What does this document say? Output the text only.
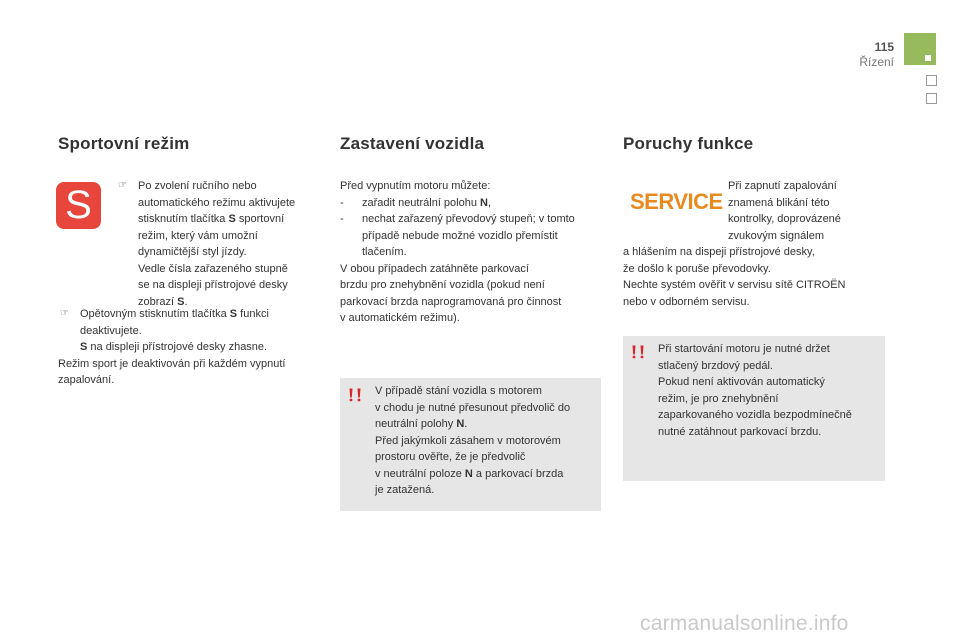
115
Řízení
Sportovní režim
S	☞ Po zvolení ručního nebo

automatického režimu aktivujete

stisknutím tlačítka S sportovní

režim, který vám umožní

dynamičtější styl jízdy.

Vedle čísla zařazeného stupně

se na displeji přístrojové desky

zobrazí S.

☞ Opětovným stisknutím tlačítka S funkci

deaktivujete.

S na displeji přístrojové desky zhasne.

Režim sport je deaktivován při každém vypnutí

zapalování.

Zastavení vozidla

Před vypnutím motoru můžete:

- zařadit neutrální polohu N,

- nechat zařazený převodový stupeň; v tomto

případě nebude možné vozidlo přemístit

tlačením.

V obou případech zatáhněte parkovací

brzdu pro znehybnění vozidla (pokud není

parkovací brzda naprogramovaná pro činnost

v automatickém režimu).

V případě stání vozidla s motorem

v chodu je nutné přesunout předvolič do

neutrální polohy N.

Před jakýmkoli zásahem v motorovém

prostoru ověřte, že je předvolič

v neutrální poloze N a parkovací brzda

je zatažená.

Poruchy funkce
SERVICE

Při zapnutí zapalování

znamená blikání této

kontrolky, doprovázené

zvukovým signálem

a hlášením na dispeji přístrojové desky,

že došlo k poruše převodovky.

Nechte systém ověřit v servisu sítě CITROËN

nebo v odborném servisu.

Při startování motoru je nutné držet

stlačený brzdový pedál.

Pokud není aktivován automatický

režim, je pro znehybnění

zaparkovaného vozidla bezpodmínečně

nutné zatáhnout parkovací brzdu.

carmanualsonline.info
